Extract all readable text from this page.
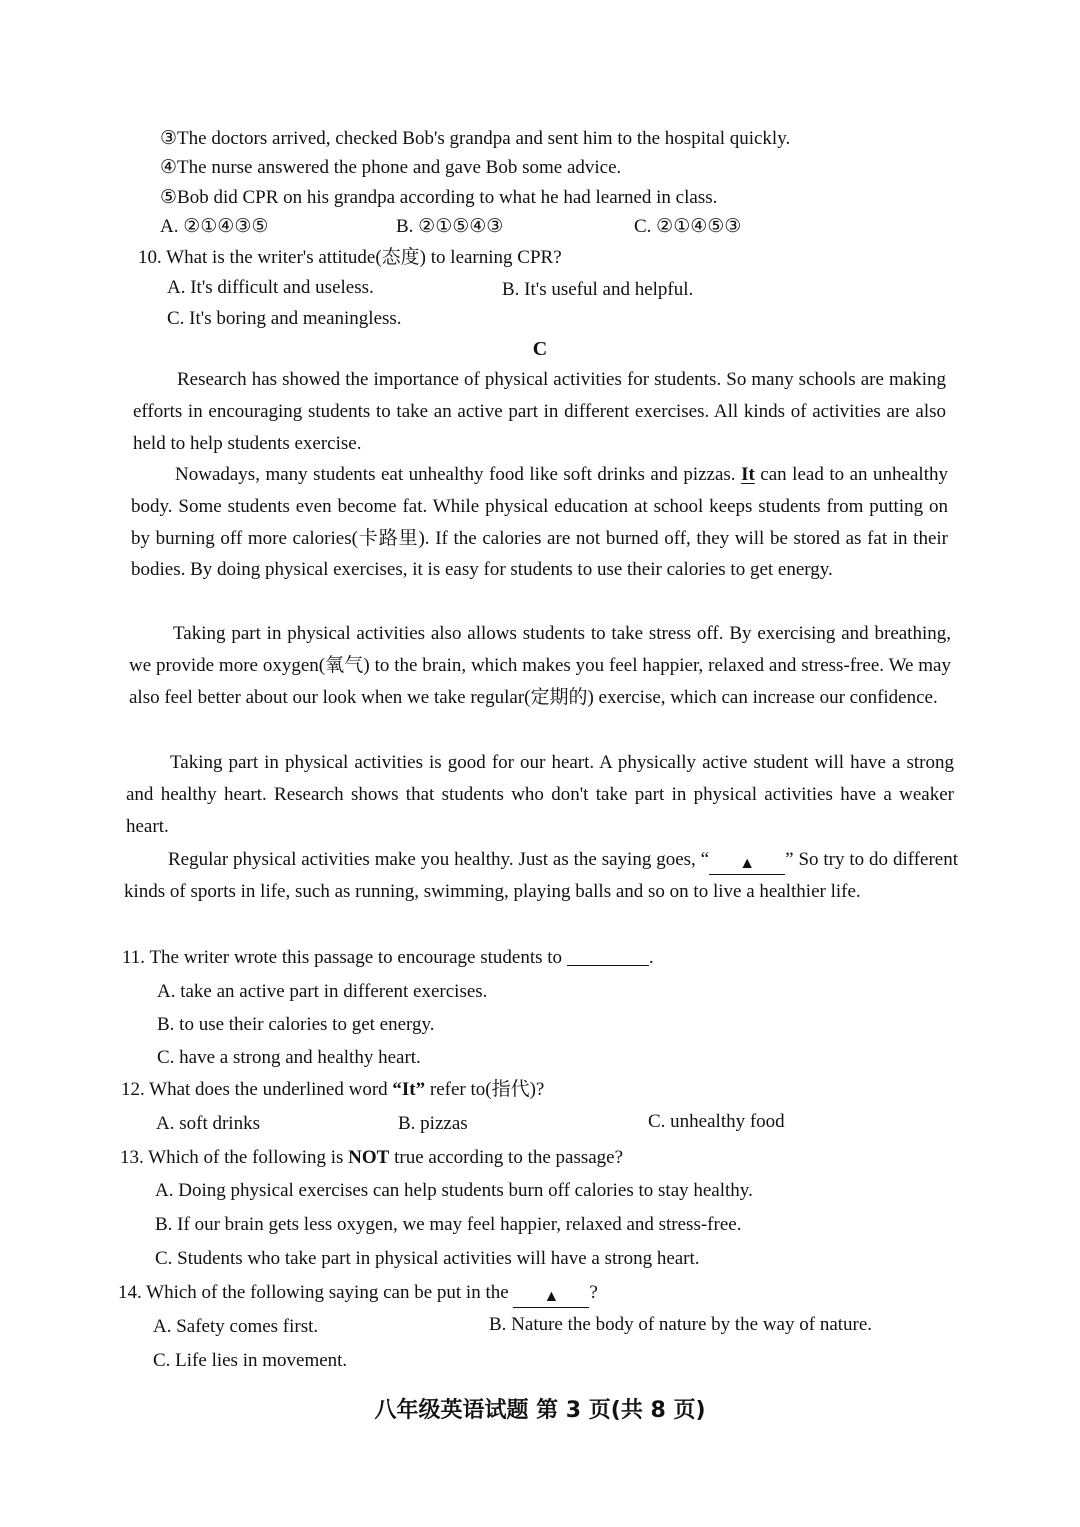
③The doctors arrived, checked Bob's grandpa and sent him to the hospital quickly.
④The nurse answered the phone and gave Bob some advice.
⑤Bob did CPR on his grandpa according to what he had learned in class.
A. ②①④③⑤	B. ②①⑤④③	C. ②①④⑤③
10. What is the writer's attitude(态度) to learning CPR?
A. It's difficult and useless.	B. It's useful and helpful.
C. It's boring and meaningless.
C
Research has showed the importance of physical activities for students. So many schools are making efforts in encouraging students to take an active part in different exercises. All kinds of activities are also held to help students exercise.
Nowadays, many students eat unhealthy food like soft drinks and pizzas. It can lead to an unhealthy body. Some students even become fat. While physical education at school keeps students from putting on by burning off more calories(卡路里). If the calories are not burned off, they will be stored as fat in their bodies. By doing physical exercises, it is easy for students to use their calories to get energy.
Taking part in physical activities also allows students to take stress off. By exercising and breathing, we provide more oxygen(氧气) to the brain, which makes you feel happier, relaxed and stress-free. We may also feel better about our look when we take regular(定期的) exercise, which can increase our confidence.
Taking part in physical activities is good for our heart. A physically active student will have a strong and healthy heart. Research shows that students who don't take part in physical activities have a weaker heart.
Regular physical activities make you healthy. Just as the saying goes, “ ▲ ” So try to do different kinds of sports in life, such as running, swimming, playing balls and so on to live a healthier life.
11. The writer wrote this passage to encourage students to	.
A. take an active part in different exercises.
B. to use their calories to get energy.
C. have a strong and healthy heart.
12. What does the underlined word “It” refer to(指代)?
A. soft drinks	B. pizzas	C. unhealthy food
13. Which of the following is NOT true according to the passage?
A. Doing physical exercises can help students burn off calories to stay healthy.
B. If our brain gets less oxygen, we may feel happier, relaxed and stress-free.
C. Students who take part in physical activities will have a strong heart.
14. Which of the following saying can be put in the ▲ ?
A. Safety comes first.	B. Nature the body of nature by the way of nature.
C. Life lies in movement.
八年级英语试题 第 3 页(共 8 页)
